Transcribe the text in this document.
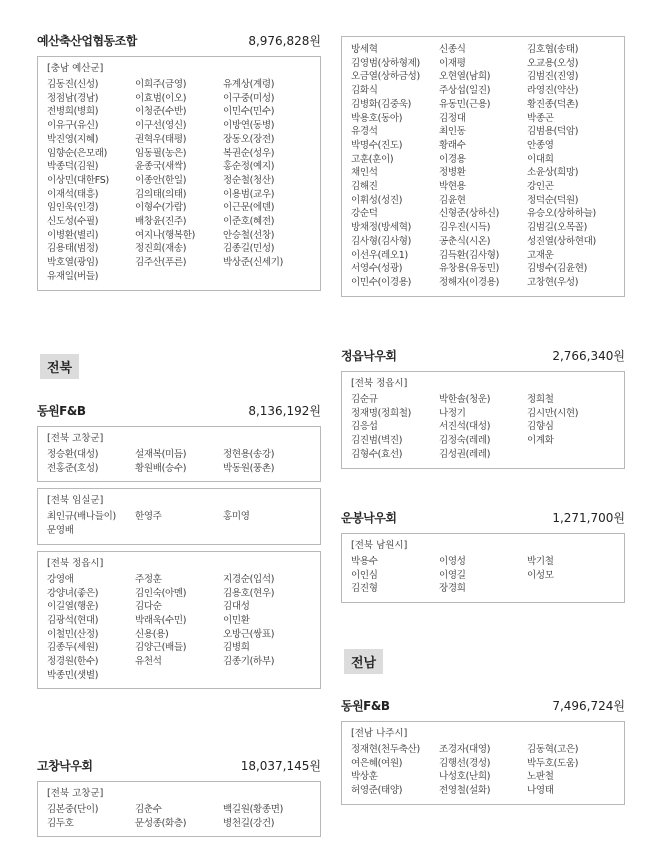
예산축산업협동조합	8,976,828원
[충남 예산군]
김동진(신성)	이희주(금영)	유계상(계령)
정점남(경남)	이효범(이오)	이구중(미성)
전병희(병희)	이청준(수반)	이민수(민수)
이유구(유신)	이구선(영신)	이방연(동병)
박진영(지혜)	권혁우(태평)	장동오(장전)
임향순(은모래)	임동필(농은)	복권순(성우)
박종덕(김원)	윤종국(새싹)	홍순정(예지)
이상민(대한FS)	이종안(한일)	정순철(청산)
이재석(태흥)	김의태(의태)	이용범(교우)
임인욱(인경)	이형수(가람)	이근문(에덴)
신도성(수필)	배창윤(진주)	이준호(혜전)
이병환(별리)	여지나(행복한)	안승철(선창)
김용태(범정)	정진희(재송)	김종길(민성)
박호열(광임)	김주산(푸른)	박상준(신세기)
유재일(버들)
전북
동원F&B	8,136,192원
[전북 고창군]
정승환(대성)	설재복(미듬)	정현용(송강)
전홍준(호성)	황원배(승수)	박동원(풍촌)
[전북 임실군]
최인규(배나들이)	한영주	홍미영
문영배
[전북 정읍시]
강영애	주정훈	지경순(입석)
강양녀(좋은)	김인숙(아멘)	김용호(현우)
이길열(행운)	김다순	김대성
김광석(현대)	박래욱(수민)	이민환
이철민(산정)	신용(용)	오방근(쌍표)
김종두(세원)	김양근(배들)	김병희
정경원(한수)	유천석	김종기(하부)
박종민(샛별)
고창낙우회	18,037,145원
[전북 고창군]
김본중(단이)	김춘수	백길원(황종면)
김두호	문성종(화층)	병천길(강건)
방세혁	신종식	김호협(송태)
김영범(상하형제)	이재평	오교용(오성)
오금열(상하금성)	오현열(남희)	김범진(진영)
김화식	주상섭(일진)	라영진(약산)
김병화(김중욱)	유동민(근용)	황진종(덕촌)
박용호(동아)	김정대	박종곤
유경석	최인동	김범용(덕암)
박명수(진도)	황래수	안종영
고훈(훈이)	이경용	이대희
채인석	정병환	소윤상(희망)
김해진	박현용	강인곤
이휘성(성진)	김윤현	정덕순(덕원)
강순덕	신형준(상하신)	유승오(상하하늘)
방채정(방세혁)	김우진(시득)	김범길(오목꼴)
김사형(김사형)	공춘식(시온)	성진열(상하현대)
이선우(레오1)	김득환(김사형)	고재운
서영수(성광)	유창용(유동민)	김병수(김윤현)
이민수(이경용)	정해자(이경용)	고창현(우성)
정읍낙우회	2,766,340원
[전북 정읍시]
김순규	박한솔(청운)	정희철
정재명(정희철)	나정기	김시만(시현)
김응섭	서진석(대성)	김향심
김진범(벽진)	김정숙(레레)	이계화
김형수(효선)	김성권(레레)
운봉낙우회	1,271,700원
[전북 남원시]
박용수	이영성	박기철
이인심	이영길	이성모
김진형	장경희
전남
동원F&B	7,496,724원
[전남 나주시]
정재현(천두축산)	조경자(대영)	김동혁(고은)
여은혜(여원)	김행선(경성)	박두호(도움)
박상훈	나성호(난희)	노판철
허영준(태양)	전영철(설화)	나영태
